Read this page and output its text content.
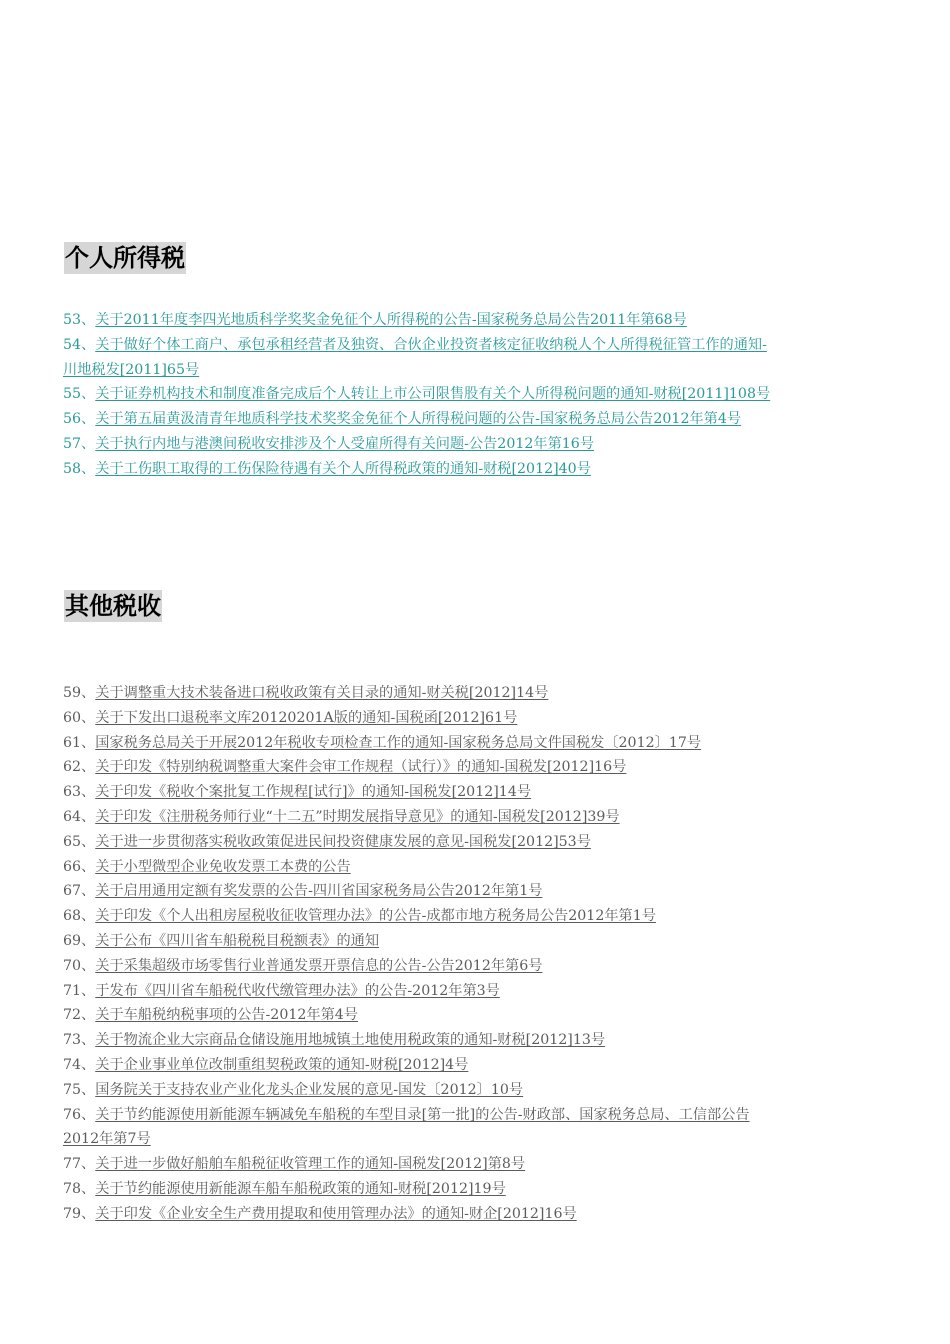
个人所得税
53、关于2011年度李四光地质科学奖奖金免征个人所得税的公告-国家税务总局公告2011年第68号
54、关于做好个体工商户、承包承租经营者及独资、合伙企业投资者核定征收纳税人个人所得税征管工作的通知-
川地税发[2011]65号
55、关于证券机构技术和制度准备完成后个人转让上市公司限售股有关个人所得税问题的通知-财税[2011]108号
56、关于第五届黄汲清青年地质科学技术奖奖金免征个人所得税问题的公告-国家税务总局公告2012年第4号
57、关于执行内地与港澳间税收安排涉及个人受雇所得有关问题-公告2012年第16号
58、关于工伤职工取得的工伤保险待遇有关个人所得税政策的通知-财税[2012]40号
其他税收
59、关于调整重大技术装备进口税收政策有关目录的通知-财关税[2012]14号
60、关于下发出口退税率文库20120201A版的通知-国税函[2012]61号
61、国家税务总局关于开展2012年税收专项检查工作的通知-国家税务总局文件国税发〔2012〕17号
62、关于印发《特别纳税调整重大案件会审工作规程（试行）》的通知-国税发[2012]16号
63、关于印发《税收个案批复工作规程[试行]》的通知-国税发[2012]14号
64、关于印发《注册税务师行业“十二五”时期发展指导意见》的通知-国税发[2012]39号
65、关于进一步贯彻落实税收政策促进民间投资健康发展的意见-国税发[2012]53号
66、关于小型微型企业免收发票工本费的公告
67、关于启用通用定额有奖发票的公告-四川省国家税务局公告2012年第1号
68、关于印发《个人出租房屋税收征收管理办法》的公告-成都市地方税务局公告2012年第1号
69、关于公布《四川省车船税税目税额表》的通知
70、关于采集超级市场零售行业普通发票开票信息的公告-公告2012年第6号
71、于发布《四川省车船税代收代缴管理办法》的公告-2012年第3号
72、关于车船税纳税事项的公告-2012年第4号
73、关于物流企业大宗商品仓储设施用地城镇土地使用税政策的通知-财税[2012]13号
74、关于企业事业单位改制重组契税政策的通知-财税[2012]4号
75、国务院关于支持农业产业化龙头企业发展的意见-国发〔2012〕10号
76、关于节约能源使用新能源车辆减免车船税的车型目录[第一批]的公告-财政部、国家税务总局、工信部公告
2012年第7号
77、关于进一步做好船舶车船税征收管理工作的通知-国税发[2012]第8号
78、关于节约能源使用新能源车船车船税政策的通知-财税[2012]19号
79、关于印发《企业安全生产费用提取和使用管理办法》的通知-财企[2012]16号
